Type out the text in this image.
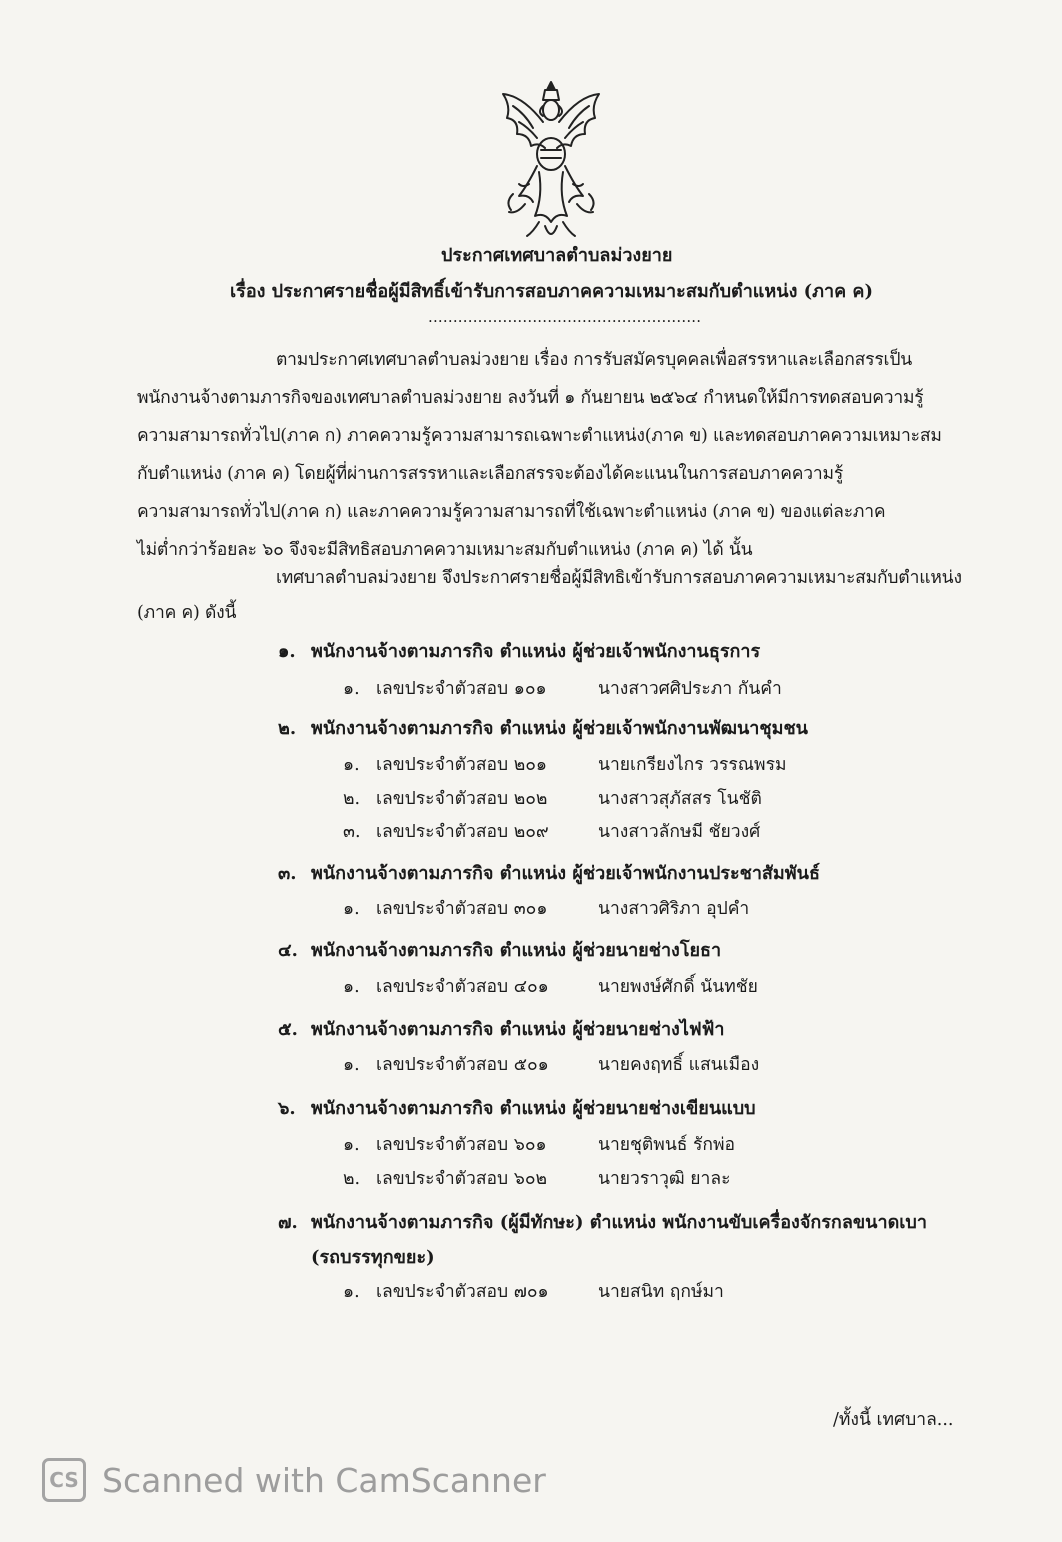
ประกาศเทศบาลตำบลม่วงยาย
เรื่อง ประกาศรายชื่อผู้มีสิทธิ์เข้ารับการสอบภาคความเหมาะสมกับตำแหน่ง (ภาค ค)
.......................................................
ตามประกาศเทศบาลตำบลม่วงยาย เรื่อง การรับสมัครบุคคลเพื่อสรรหาและเลือกสรรเป็น
พนักงานจ้างตามภารกิจของเทศบาลตำบลม่วงยาย ลงวันที่ ๑ กันยายน ๒๕๖๔ กำหนดให้มีการทดสอบความรู้
ความสามารถทั่วไป(ภาค ก) ภาคความรู้ความสามารถเฉพาะตำแหน่ง(ภาค ข) และทดสอบภาคความเหมาะสม
กับตำแหน่ง (ภาค ค) โดยผู้ที่ผ่านการสรรหาและเลือกสรรจะต้องได้คะแนนในการสอบภาคความรู้
ความสามารถทั่วไป(ภาค ก) และภาคความรู้ความสามารถที่ใช้เฉพาะตำแหน่ง (ภาค ข) ของแต่ละภาค
ไม่ต่ำกว่าร้อยละ ๖๐ จึงจะมีสิทธิสอบภาคความเหมาะสมกับตำแหน่ง (ภาค ค) ได้ นั้น
เทศบาลตำบลม่วงยาย จึงประกาศรายชื่อผู้มีสิทธิเข้ารับการสอบภาคความเหมาะสมกับตำแหน่ง
(ภาค ค) ดังนี้
๑. พนักงานจ้างตามภารกิจ ตำแหน่ง ผู้ช่วยเจ้าพนักงานธุรการ
๑. เลขประจำตัวสอบ ๑๐๑	นางสาวศศิประภา กันคำ
๒. พนักงานจ้างตามภารกิจ ตำแหน่ง ผู้ช่วยเจ้าพนักงานพัฒนาชุมชน
๑. เลขประจำตัวสอบ ๒๐๑	นายเกรียงไกร วรรณพรม
๒. เลขประจำตัวสอบ ๒๐๒	นางสาวสุภัสสร โนชัติ
๓. เลขประจำตัวสอบ ๒๐๙	นางสาวลักษมี ชัยวงศ์
๓. พนักงานจ้างตามภารกิจ ตำแหน่ง ผู้ช่วยเจ้าพนักงานประชาสัมพันธ์
๑. เลขประจำตัวสอบ ๓๐๑	นางสาวศิริภา อุปคำ
๔. พนักงานจ้างตามภารกิจ ตำแหน่ง ผู้ช่วยนายช่างโยธา
๑. เลขประจำตัวสอบ ๔๐๑	นายพงษ์ศักดิ์ นันทชัย
๕. พนักงานจ้างตามภารกิจ ตำแหน่ง ผู้ช่วยนายช่างไฟฟ้า
๑. เลขประจำตัวสอบ ๕๐๑	นายคงฤทธิ์ แสนเมือง
๖. พนักงานจ้างตามภารกิจ ตำแหน่ง ผู้ช่วยนายช่างเขียนแบบ
๑. เลขประจำตัวสอบ ๖๐๑	นายชุติพนธ์ รักพ่อ
๒. เลขประจำตัวสอบ ๖๐๒	นายวราวุฒิ ยาละ
๗. พนักงานจ้างตามภารกิจ (ผู้มีทักษะ) ตำแหน่ง พนักงานขับเครื่องจักรกลขนาดเบา
(รถบรรทุกขยะ)
๑. เลขประจำตัวสอบ ๗๐๑	นายสนิท ฤกษ์มา
/ทั้งนี้ เทศบาล...
CS Scanned with CamScanner
